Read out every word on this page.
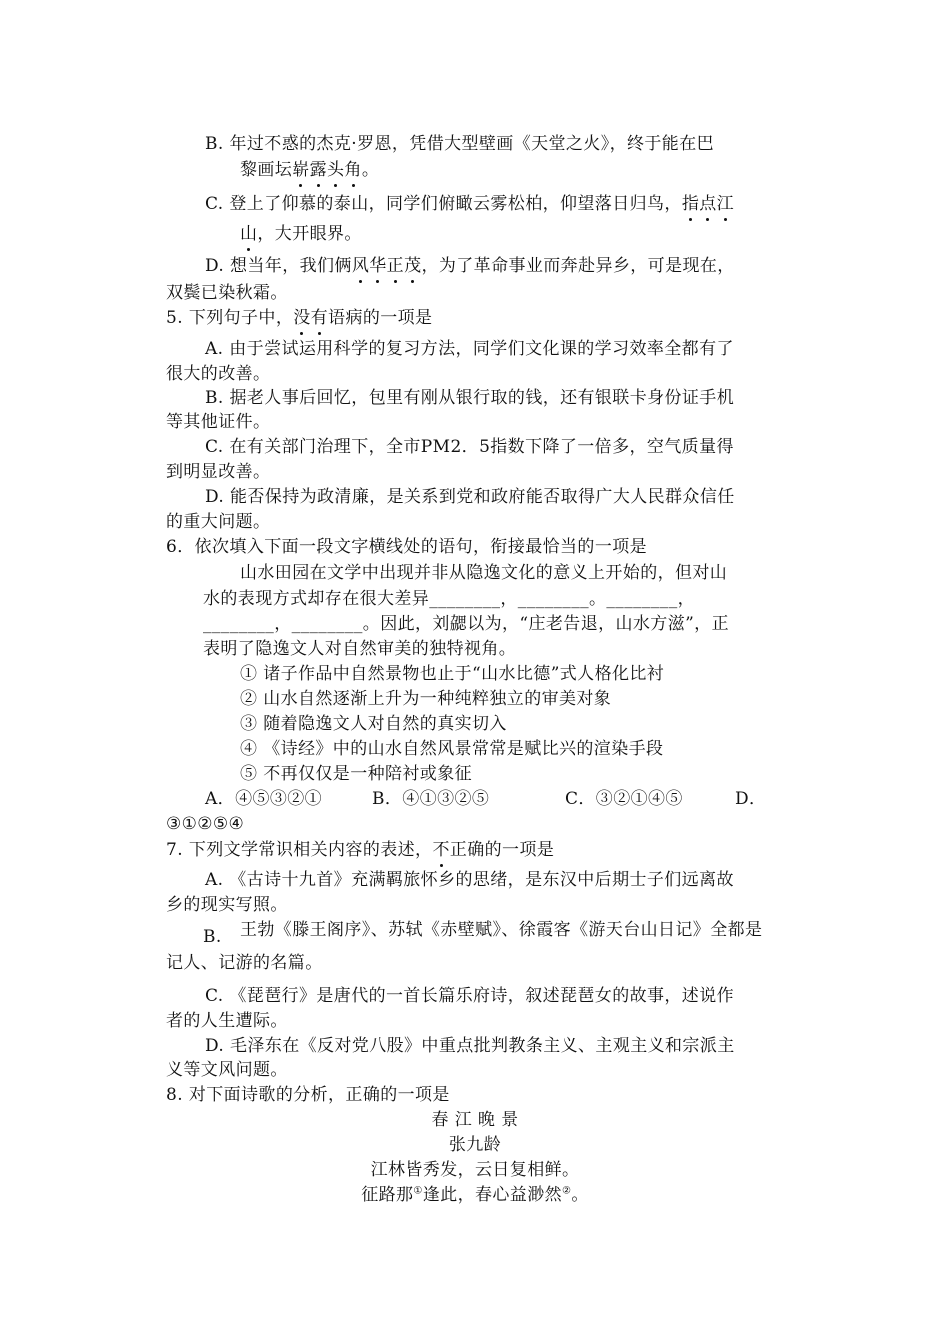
B. 年过不惑的杰克·罗恩，凭借大型壁画《天堂之火》，终于能在巴
黎画坛崭露头角。
C. 登上了仰慕的泰山，同学们俯瞰云雾松柏，仰望落日归鸟，指点江
山，大开眼界。
D. 想当年，我们俩风华正茂，为了革命事业而奔赴异乡，可是现在，
双鬓已染秋霜。
5. 下列句子中，没有语病的一项是
A. 由于尝试运用科学的复习方法，同学们文化课的学习效率全都有了
很大的改善。
B. 据老人事后回忆，包里有刚从银行取的钱，还有银联卡身份证手机
等其他证件。
C. 在有关部门治理下，全市PM2．5指数下降了一倍多，空气质量得
到明显改善。
D. 能否保持为政清廉，是关系到党和政府能否取得广大人民群众信任
的重大问题。
6．依次填入下面一段文字横线处的语句，衔接最恰当的一项是
山水田园在文学中出现并非从隐逸文化的意义上开始的，但对山
水的表现方式却存在很大差异________，________。________，
________，________。因此，刘勰以为，“庄老告退，山水方滋”，正
表明了隐逸文人对自然审美的独特视角。
① 诸子作品中自然景物也止于“山水比德”式人格化比衬
② 山水自然逐渐上升为一种纯粹独立的审美对象
③ 随着隐逸文人对自然的真实切入
④ 《诗经》中的山水自然风景常常是赋比兴的渲染手段
⑤ 不再仅仅是一种陪衬或象征
A．④⑤③②①	B．④①③②⑤	C．③②①④⑤	D．
③①②⑤④
7. 下列文学常识相关内容的表述，不正确的一项是
A. 《古诗十九首》充满羁旅怀乡的思绪，是东汉中后期士子们远离故
乡的现实写照。
B. 王勃《滕王阁序》、苏轼《赤壁赋》、徐霞客《游天台山日记》全都是
记人、记游的名篇。
C. 《琵琶行》是唐代的一首长篇乐府诗，叙述琵琶女的故事，述说作
者的人生遭际。
D. 毛泽东在《反对党八股》中重点批判教条主义、主观主义和宗派主
义等文风问题。
8. 对下面诗歌的分析，正确的一项是
春 江 晚 景
张九龄
江林皆秀发，云日复相鲜。
征路那①逢此，春心益渺然②。
